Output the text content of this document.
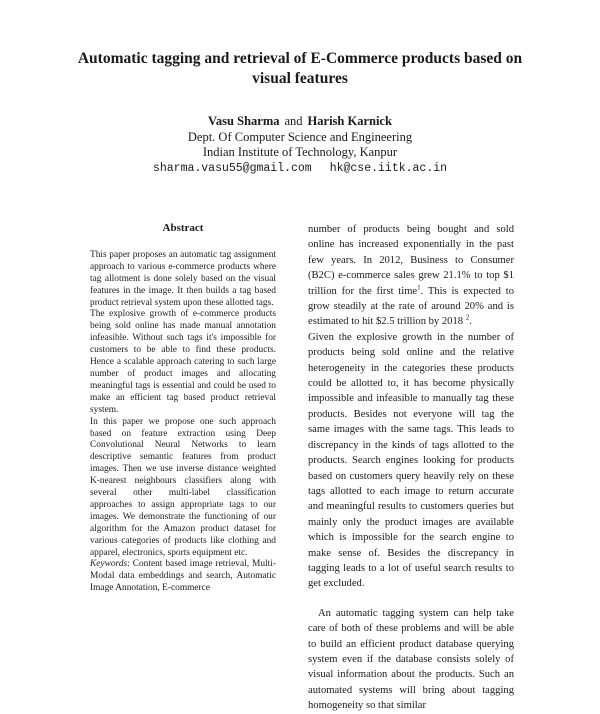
Automatic tagging and retrieval of E-Commerce products based on visual features
Vasu Sharma and Harish Karnick
Dept. Of Computer Science and Engineering
Indian Institute of Technology, Kanpur
sharma.vasu55@gmail.com hk@cse.iitk.ac.in
Abstract

This paper proposes an automatic tag assignment approach to various e-commerce products where tag allotment is done solely based on the visual features in the image. It then builds a tag based product retrieval system upon these allotted tags.

The explosive growth of e-commerce products being sold online has made manual annotation infeasible. Without such tags it's impossible for customers to be able to find these products. Hence a scalable approach catering to such large number of product images and allocating meaningful tags is essential and could be used to make an efficient tag based product retrieval system.

In this paper we propose one such approach based on feature extraction using Deep Convolutional Neural Networks to learn descriptive semantic features from product images. Then we use inverse distance weighted K-nearest neighbours classifiers along with several other multi-label classification approaches to assign appropriate tags to our images. We demonstrate the functioning of our algorithm for the Amazon product dataset for various categories of products like clothing and apparel, electronics, sports equipment etc.

Keywords: Content based image retrieval, Multi-Modal data embeddings and search, Automatic Image Annotation, E-commerce

number of products being bought and sold online has increased exponentially in the past few years. In 2012, Business to Consumer (B2C) e-commerce sales grew 21.1% to top $1 trillion for the first time$^1$. This is expected to grow steadily at the rate of around 20% and is estimated to hit $2.5 trillion by 2018 $^2$.

Given the explosive growth in the number of products being sold online and the relative heterogeneity in the categories these products could be allotted to, it has become physically impossible and infeasible to manually tag these products. Besides not everyone will tag the same images with the same tags. This leads to discrepancy in the kinds of tags allotted to the products. Search engines looking for products based on customers query heavily rely on these tags allotted to each image to return accurate and meaningful results to customers queries but mainly only the product images are available which is impossible for the search engine to make sense of. Besides the discrepancy in tagging leads to a lot of useful search results to get excluded.

An automatic tagging system can help take care of both of these problems and will be able to build an efficient product database querying system even if the database consists solely of visual information about the products. Such an automated systems will bring about tagging homogeneity so that similar
